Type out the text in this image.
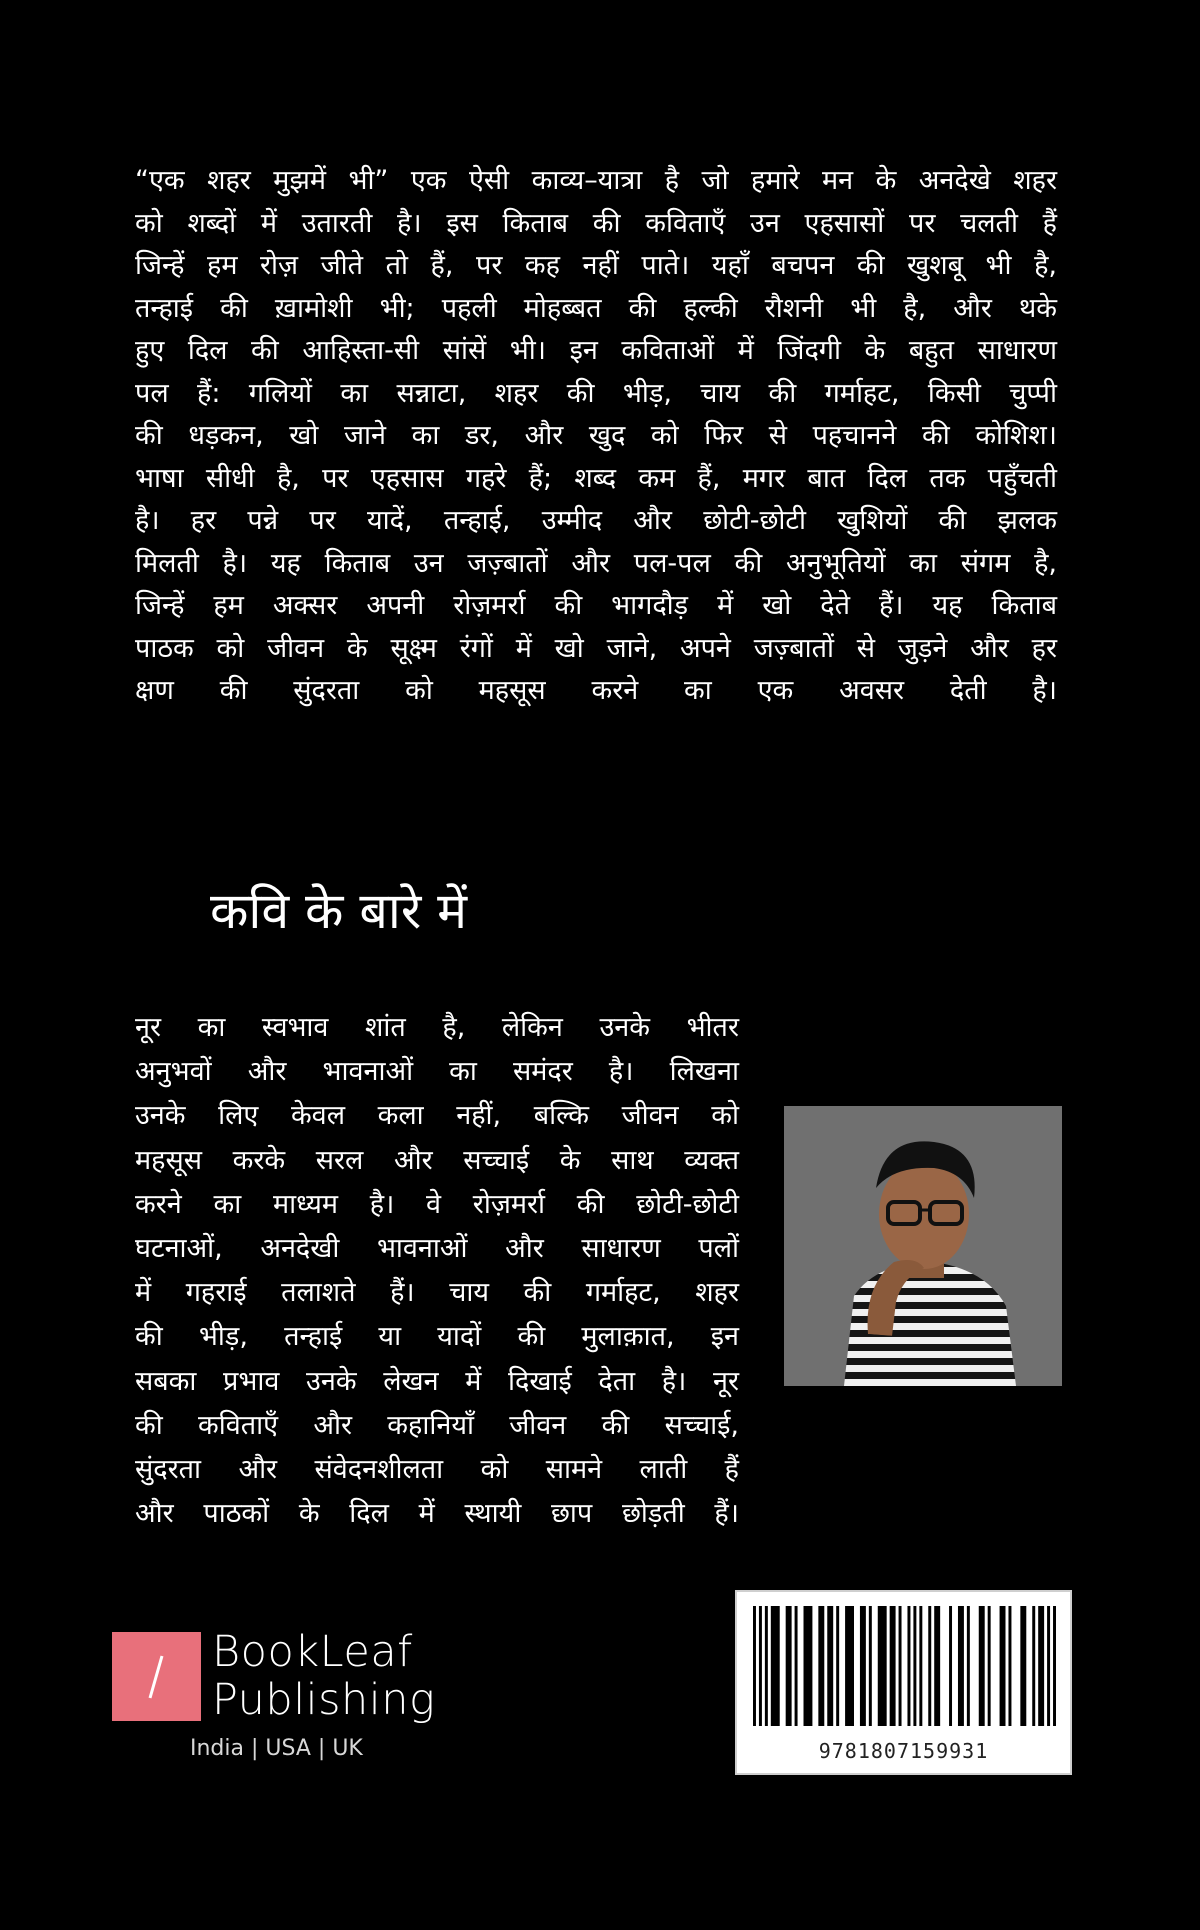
“एक शहर मुझमें भी” एक ऐसी काव्य–यात्रा है जो हमारे मन के अनदेखे शहर
को शब्दों में उतारती है। इस किताब की कविताएँ उन एहसासों पर चलती हैं
जिन्हें हम रोज़ जीते तो हैं, पर कह नहीं पाते। यहाँ बचपन की खुशबू भी है,
तन्हाई की ख़ामोशी भी; पहली मोहब्बत की हल्की रौशनी भी है, और थके
हुए दिल की आहिस्ता-सी सांसें भी। इन कविताओं में जिंदगी के बहुत साधारण
पल हैं: गलियों का सन्नाटा, शहर की भीड़, चाय की गर्माहट, किसी चुप्पी
की धड़कन, खो जाने का डर, और खुद को फिर से पहचानने की कोशिश।
भाषा सीधी है, पर एहसास गहरे हैं; शब्द कम हैं, मगर बात दिल तक पहुँचती
है। हर पन्ने पर यादें, तन्हाई, उम्मीद और छोटी-छोटी खुशियों की झलक
मिलती है। यह किताब उन जज़्बातों और पल-पल की अनुभूतियों का संगम है,
जिन्हें हम अक्सर अपनी रोज़मर्रा की भागदौड़ में खो देते हैं। यह किताब
पाठक को जीवन के सूक्ष्म रंगों में खो जाने, अपने जज़्बातों से जुड़ने और हर
क्षण की सुंदरता को महसूस करने का एक अवसर देती है।
कवि के बारे में
नूर का स्वभाव शांत है, लेकिन उनके भीतर
अनुभवों और भावनाओं का समंदर है। लिखना
उनके लिए केवल कला नहीं, बल्कि जीवन को
महसूस करके सरल और सच्चाई के साथ व्यक्त
करने का माध्यम है। वे रोज़मर्रा की छोटी-छोटी
घटनाओं, अनदेखी भावनाओं और साधारण पलों
में गहराई तलाशते हैं। चाय की गर्माहट, शहर
की भीड़, तन्हाई या यादों की मुलाक़ात, इन
सबका प्रभाव उनके लेखन में दिखाई देता है। नूर
की कविताएँ और कहानियाँ जीवन की सच्चाई,
सुंदरता और संवेदनशीलता को सामने लाती हैं
और पाठकों के दिल में स्थायी छाप छोड़ती हैं।
BookLeaf
Publishing
India | USA | UK	9781807159931
